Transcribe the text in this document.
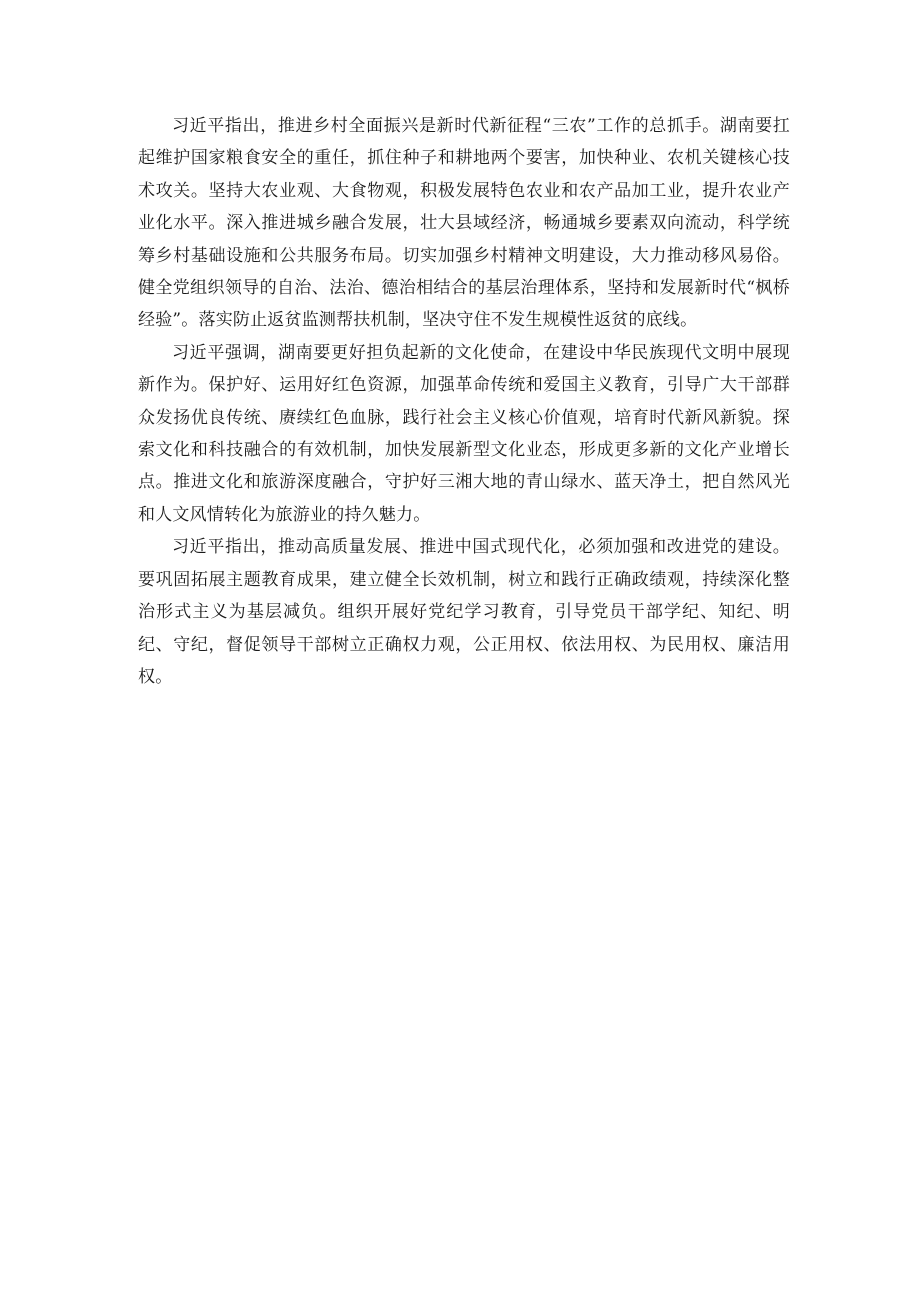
习近平指出，推进乡村全面振兴是新时代新征程“三农”工作的总抓手。湖南要扛起维护国家粮食安全的重任，抓住种子和耕地两个要害，加快种业、农机关键核心技术攻关。坚持大农业观、大食物观，积极发展特色农业和农产品加工业，提升农业产业化水平。深入推进城乡融合发展，壮大县域经济，畅通城乡要素双向流动，科学统筹乡村基础设施和公共服务布局。切实加强乡村精神文明建设，大力推动移风易俗。健全党组织领导的自治、法治、德治相结合的基层治理体系，坚持和发展新时代“枫桥经验”。落实防止返贫监测帮扶机制，坚决守住不发生规模性返贫的底线。

习近平强调，湖南要更好担负起新的文化使命，在建设中华民族现代文明中展现新作为。保护好、运用好红色资源，加强革命传统和爱国主义教育，引导广大干部群众发扬优良传统、赓续红色血脉，践行社会主义核心价值观，培育时代新风新貌。探索文化和科技融合的有效机制，加快发展新型文化业态，形成更多新的文化产业增长点。推进文化和旅游深度融合，守护好三湘大地的青山绿水、蓝天净土，把自然风光和人文风情转化为旅游业的持久魅力。

习近平指出，推动高质量发展、推进中国式现代化，必须加强和改进党的建设。要巩固拓展主题教育成果，建立健全长效机制，树立和践行正确政绩观，持续深化整治形式主义为基层减负。组织开展好党纪学习教育，引导党员干部学纪、知纪、明纪、守纪，督促领导干部树立正确权力观，公正用权、依法用权、为民用权、廉洁用权。
